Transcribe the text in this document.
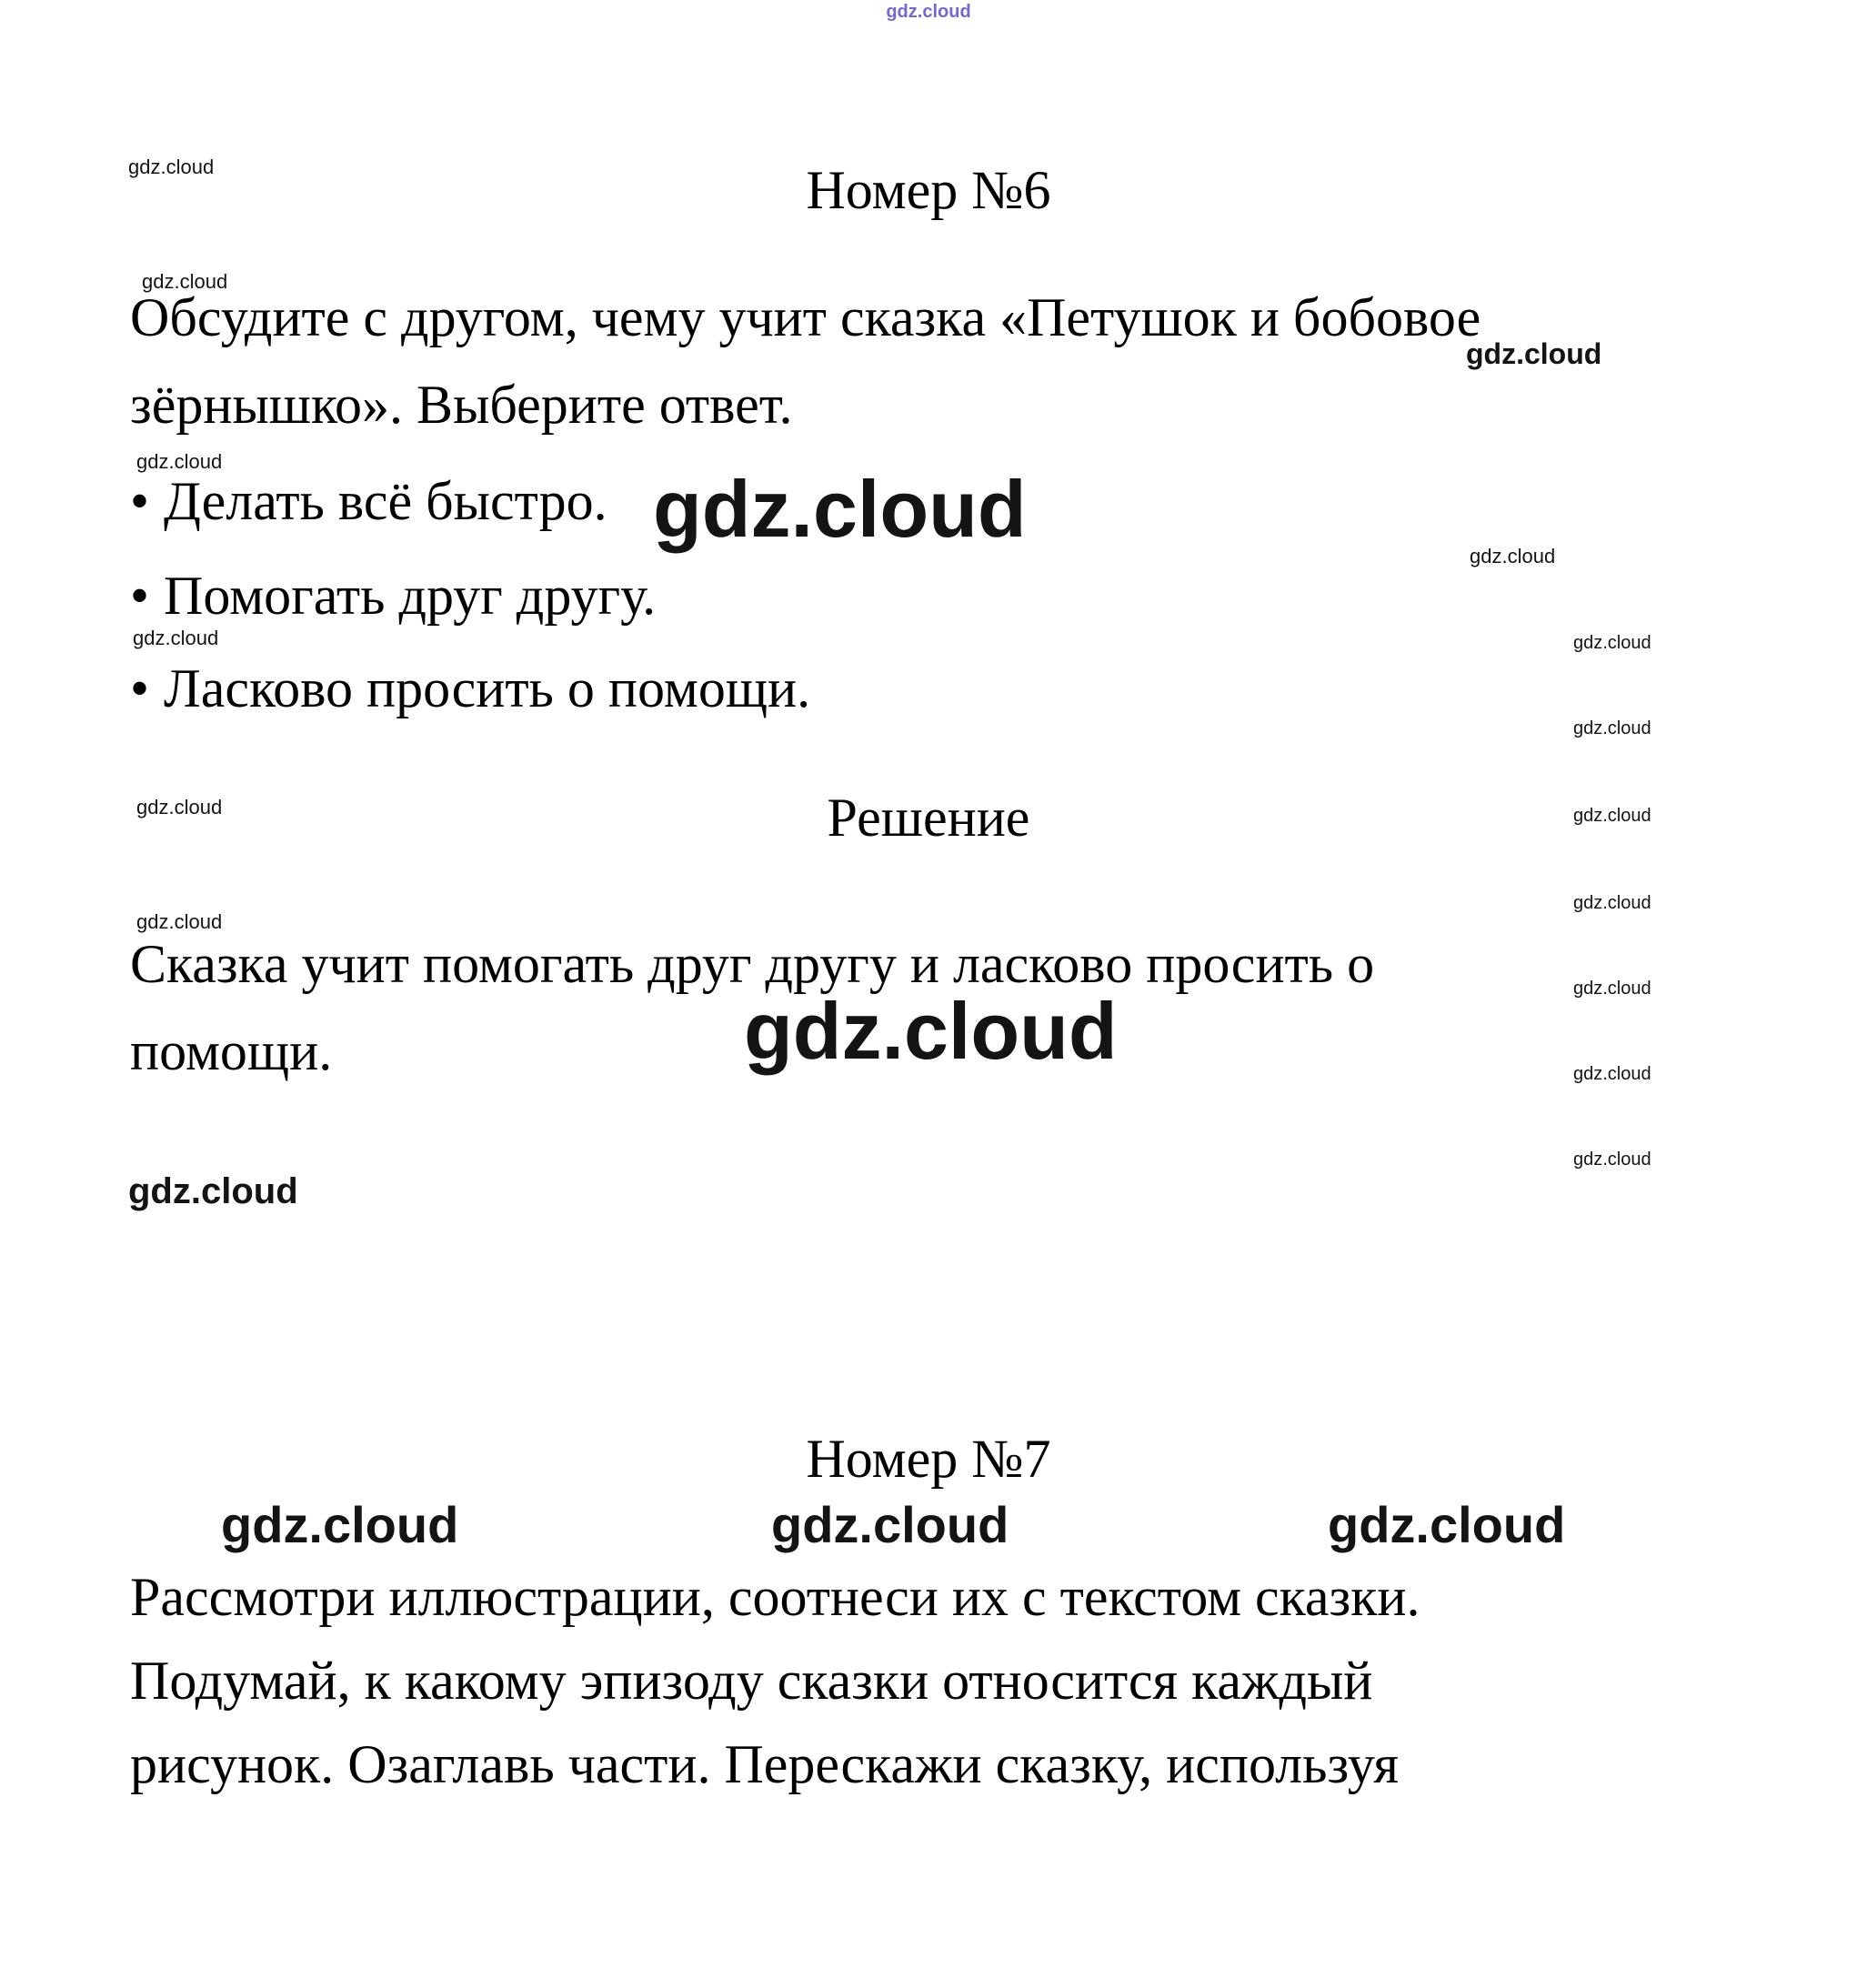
gdz.cloud
gdz.cloud
gdz.cloud
gdz.cloud
gdz.cloud
gdz.cloud
gdz.cloud
gdz.cloud
gdz.cloud
gdz.cloud
gdz.cloud
gdz.cloud
gdz.cloud
gdz.cloud
gdz.cloud
gdz.cloud
gdz.cloud
gdz.cloud
gdz.cloud
Номер №6
Обсудите с другом, чему учит сказка «Петушок и бобовое
зёрнышко». Выберите ответ.
• Делать всё быстро.
• Помогать друг другу.
• Ласково просить о помощи.
Решение
Сказка учит помогать друг другу и ласково просить о
помощи.
Номер №7
gdz.cloud	gdz.cloud	gdz.cloud
Рассмотри иллюстрации, соотнеси их с текстом сказки.
Подумай, к какому эпизоду сказки относится каждый
рисунок. Озаглавь части. Перескажи сказку, используя
